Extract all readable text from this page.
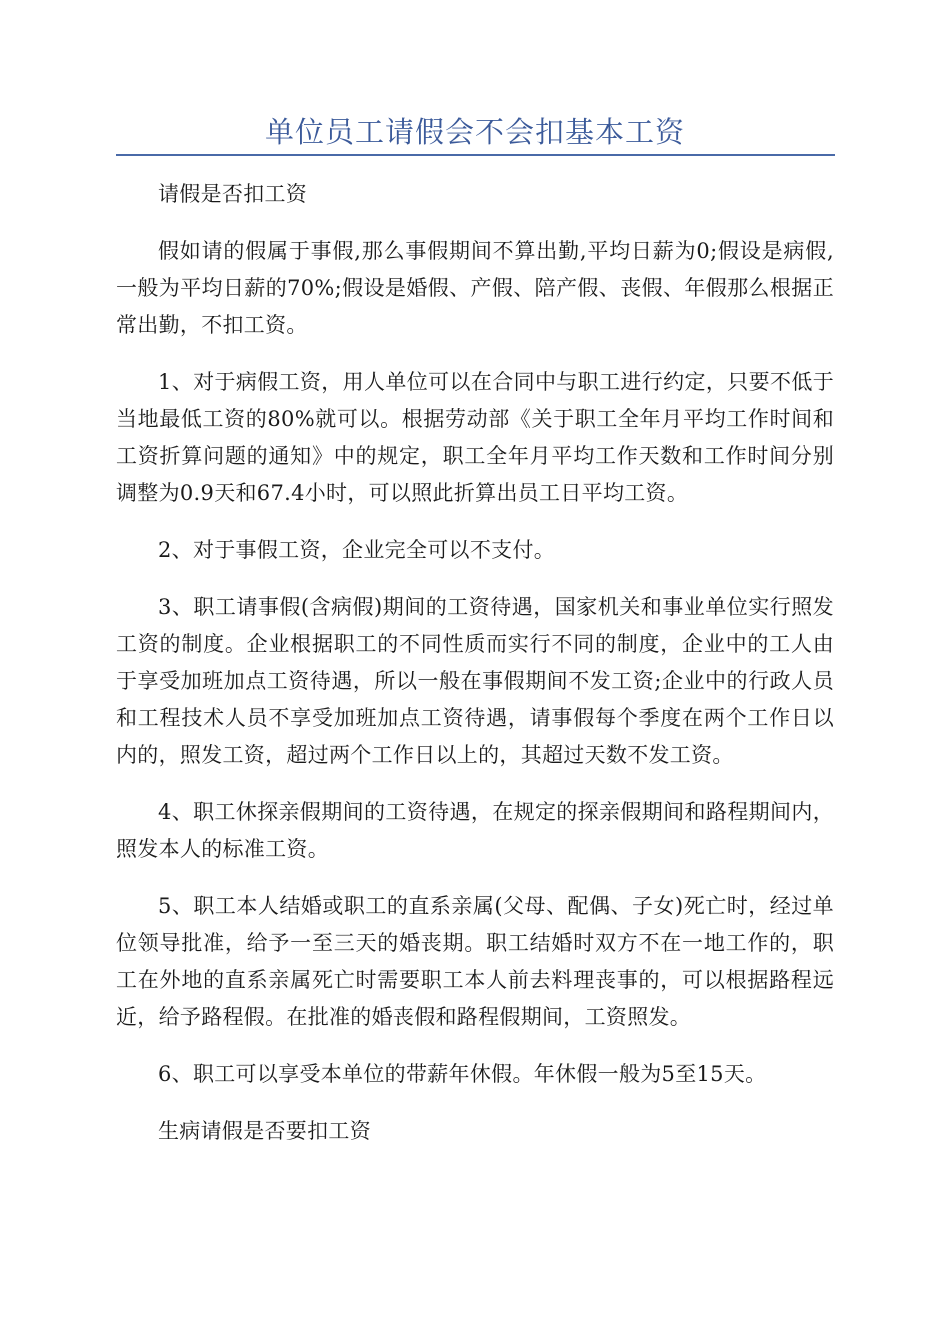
单位员工请假会不会扣基本工资

请假是否扣工资

假如请的假属于事假,那么事假期间不算出勤,平均日薪为0;假设是病假,一般为平均日薪的70%;假设是婚假、产假、陪产假、丧假、年假那么根据正常出勤，不扣工资。

1、对于病假工资，用人单位可以在合同中与职工进行约定，只要不低于当地最低工资的80%就可以。根据劳动部《关于职工全年月平均工作时间和工资折算问题的通知》中的规定，职工全年月平均工作天数和工作时间分别调整为0.9天和67.4小时，可以照此折算出员工日平均工资。

2、对于事假工资，企业完全可以不支付。

3、职工请事假(含病假)期间的工资待遇，国家机关和事业单位实行照发工资的制度。企业根据职工的不同性质而实行不同的制度，企业中的工人由于享受加班加点工资待遇，所以一般在事假期间不发工资;企业中的行政人员和工程技术人员不享受加班加点工资待遇，请事假每个季度在两个工作日以内的，照发工资，超过两个工作日以上的，其超过天数不发工资。

4、职工休探亲假期间的工资待遇，在规定的探亲假期间和路程期间内，照发本人的标准工资。

5、职工本人结婚或职工的直系亲属(父母、配偶、子女)死亡时，经过单位领导批准，给予一至三天的婚丧期。职工结婚时双方不在一地工作的，职工在外地的直系亲属死亡时需要职工本人前去料理丧事的，可以根据路程远近，给予路程假。在批准的婚丧假和路程假期间，工资照发。

6、职工可以享受本单位的带薪年休假。年休假一般为5至15天。

生病请假是否要扣工资
